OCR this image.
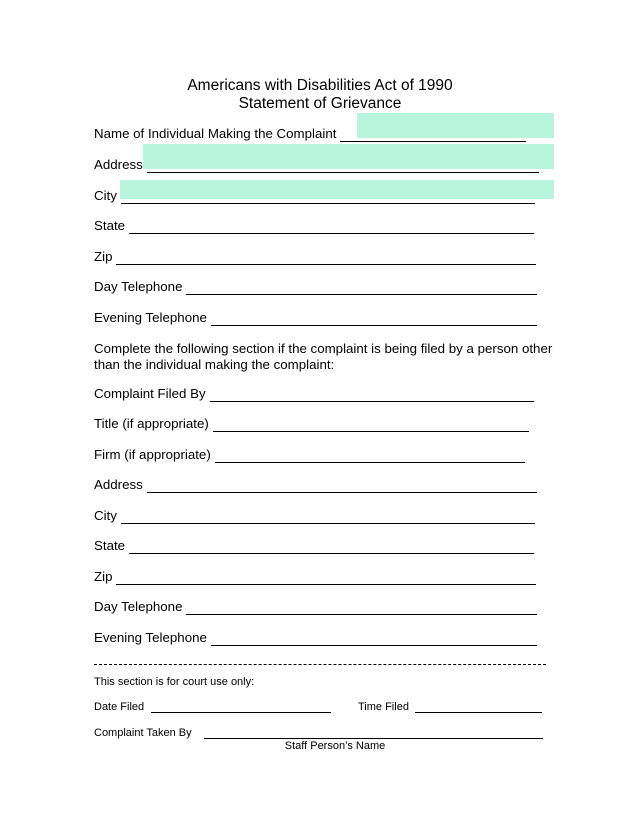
Americans with Disabilities Act of 1990
Statement of Grievance
Name of Individual Making the Complaint
Address
City
State
Zip
Day Telephone
Evening Telephone
Complete the following section if the complaint is being filed by a person other than the individual making the complaint:
Complaint Filed By
Title (if appropriate)
Firm (if appropriate)
Address
City
State
Zip
Day Telephone
Evening Telephone
This section is for court use only:
Date Filed	Time Filed
Complaint Taken By
Staff Person’s Name
